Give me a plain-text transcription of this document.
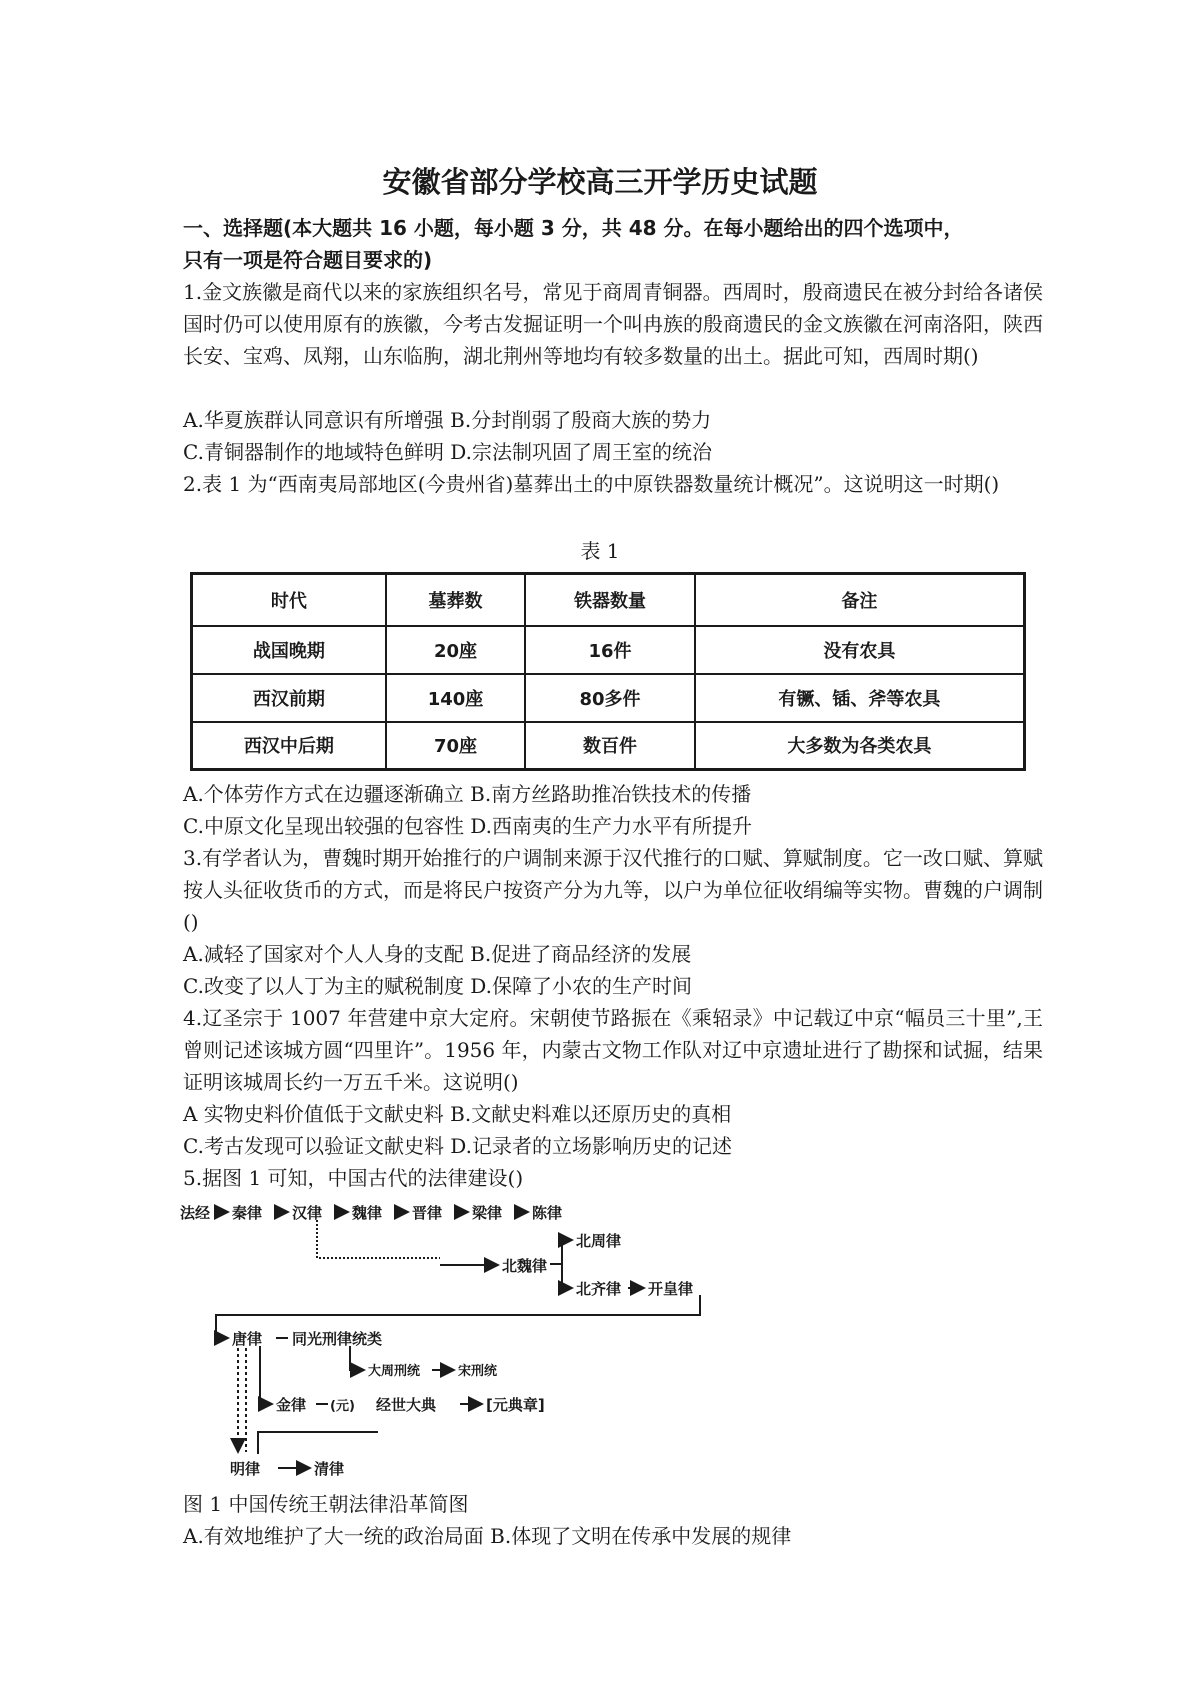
安徽省部分学校高三开学历史试题
一、选择题(本大题共 16 小题，每小题 3 分，共 48 分。在每小题给出的四个选项中，
只有一项是符合题目要求的)
1.金文族徽是商代以来的家族组织名号，常见于商周青铜器。西周时，殷商遗民在被分封给各诸侯国时仍可以使用原有的族徽，今考古发掘证明一个叫冉族的殷商遗民的金文族徽在河南洛阳，陕西长安、宝鸡、凤翔，山东临朐，湖北荆州等地均有较多数量的出土。据此可知，西周时期()
A.华夏族群认同意识有所增强 B.分封削弱了殷商大族的势力
C.青铜器制作的地域特色鲜明 D.宗法制巩固了周王室的统治
2.表 1 为“西南夷局部地区(今贵州省)墓葬出土的中原铁器数量统计概况”。这说明这一时期()
表 1
时代	墓葬数	铁器数量	备注
战国晚期	20座	16件	没有农具
西汉前期	140座	80多件	有镢、锸、斧等农具
西汉中后期	70座	数百件	大多数为各类农具
A.个体劳作方式在边疆逐渐确立 B.南方丝路助推冶铁技术的传播
C.中原文化呈现出较强的包容性 D.西南夷的生产力水平有所提升
3.有学者认为，曹魏时期开始推行的户调制来源于汉代推行的口赋、算赋制度。它一改口赋、算赋按人头征收货币的方式，而是将民户按资产分为九等，以户为单位征收绢编等实物。曹魏的户调制()
A.减轻了国家对个人人身的支配 B.促进了商品经济的发展
C.改变了以人丁为主的赋税制度 D.保障了小农的生产时间
4.辽圣宗于 1007 年营建中京大定府。宋朝使节路振在《乘轺录》中记载辽中京“幅员三十里”,王曾则记述该城方圆“四里许”。1956 年，内蒙古文物工作队对辽中京遗址进行了勘探和试掘，结果证明该城周长约一万五千米。这说明()
A 实物史料价值低于文献史料 B.文献史料难以还原历史的真相
C.考古发现可以验证文献史料 D.记录者的立场影响历史的记述
5.据图 1 可知，中国古代的法律建设()
法经 秦律 汉律 魏律 晋律 梁律 陈律
北魏律
北周律
北齐律 开皇律
唐律 同光刑律统类
大周刑统	宋刑统
金律 (元) 经世大典	[元典章]
明律	清律
图 1 中国传统王朝法律沿革简图
A.有效地维护了大一统的政治局面 B.体现了文明在传承中发展的规律
